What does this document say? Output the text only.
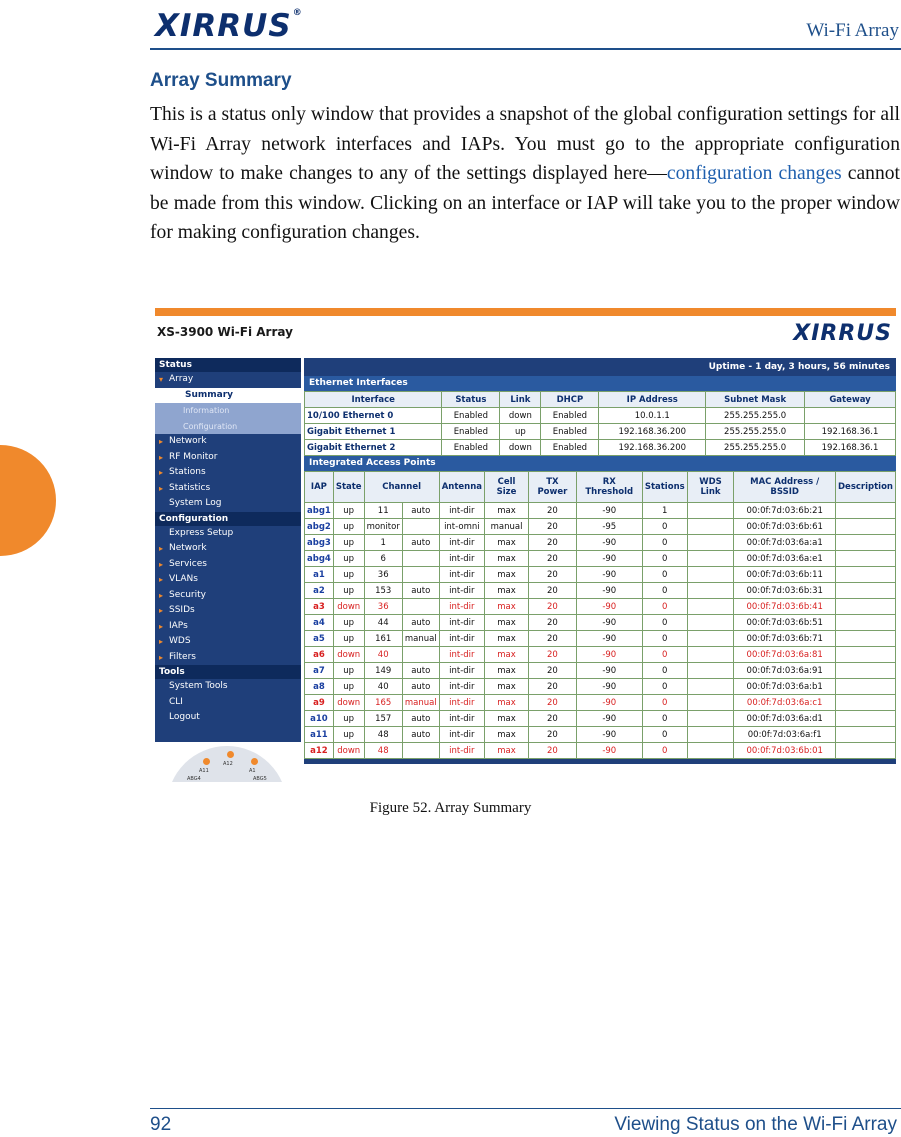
XIRRUS®
Wi-Fi Array
Array Summary
This is a status only window that provides a snapshot of the global configuration settings for all Wi-Fi Array network interfaces and IAPs. You must go to the appropriate configuration window to make changes to any of the settings displayed here—configuration changes cannot be made from this window. Clicking on an interface or IAP will take you to the proper window for making configuration changes.
XS-3900 Wi-Fi Array	XIRRUS
Status
▾ Array
Summary
Information
Configuration
▸ Network
▸ RF Monitor
▸ Stations
▸ Statistics
System Log
Configuration
Express Setup
▸ Network
▸ Services
▸ VLANs
▸ Security
▸ SSIDs
▸ IAPs
▸ WDS
▸ Filters
Tools
System Tools
CLI
Logout
A11
A12
A1
ABG4	ABG5
Uptime - 1 day, 3 hours, 56 minutes
Ethernet Interfaces
Interface	Status	Link	DHCP	IP Address	Subnet Mask	Gateway
10/100 Ethernet 0	Enabled	down	Enabled	10.0.1.1	255.255.255.0	
Gigabit Ethernet 1	Enabled	up	Enabled	192.168.36.200	255.255.255.0	192.168.36.1
Gigabit Ethernet 2	Enabled	down	Enabled	192.168.36.200	255.255.255.0	192.168.36.1
Integrated Access Points
IAP	State	Channel		Antenna	Cell Size	TX Power	RX Threshold	Stations	WDS Link	MAC Address / BSSID	Description
abg1	up	11	auto	int-dir	max	20	-90	1		00:0f:7d:03:6b:21	
abg2	up	monitor		int-omni	manual	20	-95	0		00:0f:7d:03:6b:61	
abg3	up	1	auto	int-dir	max	20	-90	0		00:0f:7d:03:6a:a1	
abg4	up	6		int-dir	max	20	-90	0		00:0f:7d:03:6a:e1	
a1	up	36		int-dir	max	20	-90	0		00:0f:7d:03:6b:11	
a2	up	153	auto	int-dir	max	20	-90	0		00:0f:7d:03:6b:31	
a3	down	36		int-dir	max	20	-90	0		00:0f:7d:03:6b:41	
a4	up	44	auto	int-dir	max	20	-90	0		00:0f:7d:03:6b:51	
a5	up	161	manual	int-dir	max	20	-90	0		00:0f:7d:03:6b:71	
a6	down	40		int-dir	max	20	-90	0		00:0f:7d:03:6a:81	
a7	up	149	auto	int-dir	max	20	-90	0		00:0f:7d:03:6a:91	
a8	up	40	auto	int-dir	max	20	-90	0		00:0f:7d:03:6a:b1	
a9	down	165	manual	int-dir	max	20	-90	0		00:0f:7d:03:6a:c1	
a10	up	157	auto	int-dir	max	20	-90	0		00:0f:7d:03:6a:d1	
a11	up	48	auto	int-dir	max	20	-90	0		00:0f:7d:03:6a:f1	
a12	down	48		int-dir	max	20	-90	0		00:0f:7d:03:6b:01	
Figure 52. Array Summary
92	Viewing Status on the Wi-Fi Array
